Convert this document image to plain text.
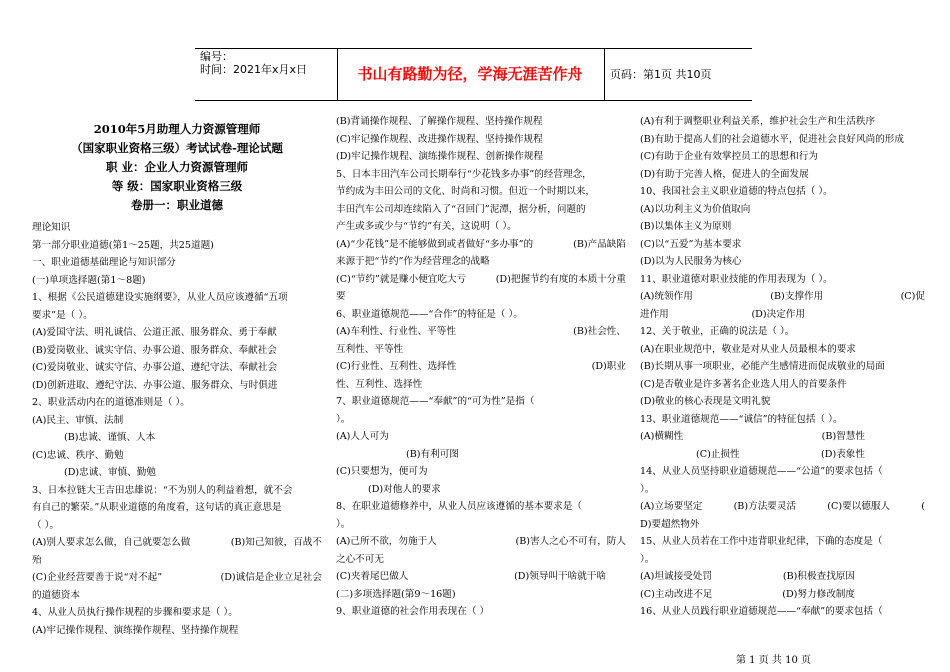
编号：
时间：2021年x月x日	书山有路勤为径，学海无涯苦作舟	页码：第1页 共10页

2010年5月助理人力资源管理师

（国家职业资格三级）考试试卷-理论试题

职 业：企业人力资源管理师

等 级：国家职业资格三级

卷册一：职业道德

理论知识

第一部分职业道德(第1～25题，共25道题)

一、职业道德基础理论与知识部分

(一)单项选择题(第1～8题)

1、根据《公民道德建设实施纲要》，从业人员应该遵循“五项

要求”是（ ）。

(A)爱国守法、明礼诚信、公道正派、服务群众、勇于奉献

(B)爱岗敬业、诚实守信、办事公道、服务群众、奉献社会

(C)爱岗敬业、诚实守信、办事公道、遵纪守法、奉献社会

(D)创新进取、遵纪守法、办事公道、服务群众、与时俱进

2、职业活动内在的道德准则是（ ）。

(A)民主、审慎、法制

(B)忠诚、谨慎、人本

(C)忠诚、秩序、勤勉

(D)忠诚、审慎、勤勉

3、日本拉链大王吉田忠雄说：“不为别人的利益着想，就不会

有自己的繁荣。”从职业道德的角度看，这句话的真正意思是

（ ）。

(A)别人要求怎么做，自己就要怎么做	(B)知己知彼，百战不

殆

(C)企业经营要善于说“对不起”	(D)诚信是企业立足社会

的道德资本

4、从业人员执行操作规程的步骤和要求是（ ）。

(A)牢记操作规程、演练操作规程、坚持操作规程

(B)背诵操作规程、了解操作规程、坚持操作规程

(C)牢记操作规程、改进操作规程、坚持操作规程

(D)牢记操作规程、演练操作规程、创新操作规程

5、日本丰田汽车公司长期奉行“少花钱多办事”的经营理念，

节约成为丰田公司的文化、时尚和习惯。但近一个时期以来，

丰田汽车公司却连续陷入了“召回门”泥潭，据分析，问题的

产生或多或少与“节约”有关，这说明（ ）。

(A)“少花钱”是不能够做到或者做好“多办事”的	(B)产品缺陷

来源于把“节约”作为经营理念的战略

(C)“节约”就是赚小便宜吃大亏	(D)把握节约有度的本质十分重

要

6、职业道德规范——“合作”的特征是（ ）。

(A)车利性、行业性、平等性	(B)社会性、

互利性、平等性

(C)行业性、互利性、选择性	(D)职业

性、互利性、选择性

7、职业道德规范——“奉献”的“可为性”是指（

）。

(A)人人可为

(B)有利可图

(C)只要想为，便可为

(D)对他人的要求

8、在职业道德修养中，从业人员应该遵循的基本要求是（

）。

(A)己所不欲，勿施于人	(B)害人之心不可有，防人

之心不可无

(C)夹着尾巴做人	(D)领导叫干啥就干啥

(二)多项选择题(第9～16题)

9、职业道德的社会作用表现在（ ）

(A)有利于调整职业利益关系，维护社会生产和生活秩序

(B)有助于提高人们的社会道德水平，促进社会良好风尚的形成

(C)有助于企业有效掌控员工的思想和行为

(D)有助于完善人格，促进人的全面发展

10、我国社会主义职业道德的特点包括（ ）。

(A)以功利主义为价值取向

(B)以集体主义为原则

(C)以“五爱”为基本要求

(D)以为人民服务为核心

11、职业道德对职业技能的作用表现为（ ）。

(A)统领作用	(B)支撑作用	(C)促

进作用	(D)决定作用

12、关于敬业，正确的说法是（ ）。

(A)在职业规范中，敬业是对从业人员最根本的要求

(B)长期从事一项职业，必能产生感情进而促成敬业的局面

(C)是否敬业是许多著名企业选人用人的首要条件

(D)敬业的核心表现是文明礼貌

13、职业道德规范——“诚信”的特征包括（ ）。

(A)横糊性	(B)智慧性

(C)止损性	(D)表象性

14、从业人员坚持职业道德规范——“公道”的要求包括（

）。

(A)立场要坚定	(B)方法要灵活	(C)要以德服人	(

D)要超然物外

15、从业人员若在工作中违背职业纪律，下确的态度是（

）。

(A)坦诚接受处罚	(B)积极查找原因

(C)主动改进不足	(D)努力修改制度

16、从业人员践行职业道德规范——“奉献”的要求包括（

第 1 页 共 10 页
